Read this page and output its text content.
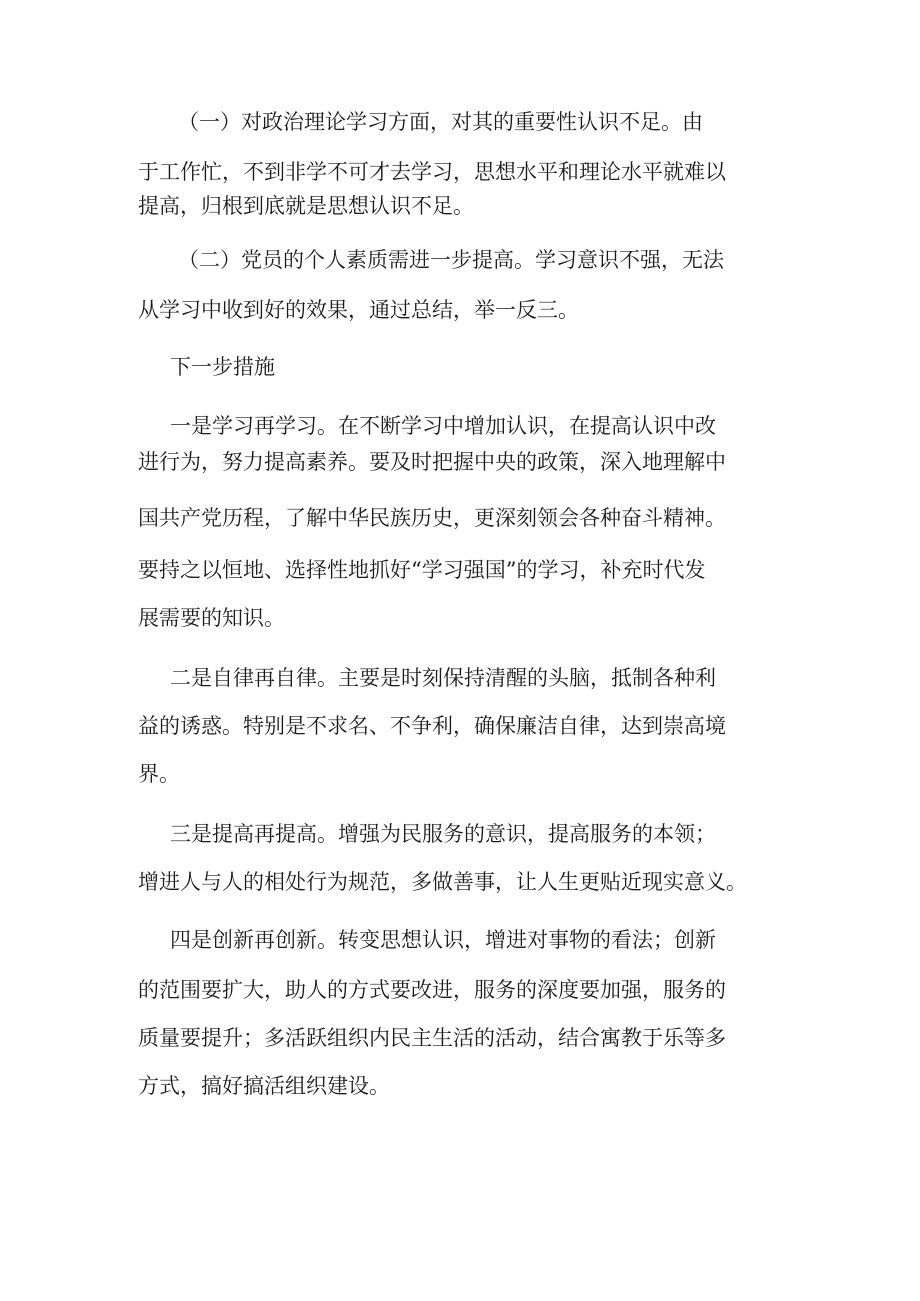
（一）对政治理论学习方面，对其的重要性认识不足。由
于工作忙，不到非学不可才去学习，思想水平和理论水平就难以
提高，归根到底就是思想认识不足。
（二）党员的个人素质需进一步提高。学习意识不强，无法
从学习中收到好的效果，通过总结，举一反三。
下一步措施
一是学习再学习。在不断学习中增加认识，在提高认识中改
进行为，努力提高素养。要及时把握中央的政策，深入地理解中
国共产党历程，了解中华民族历史，更深刻领会各种奋斗精神。
要持之以恒地、选择性地抓好“学习强国”的学习，补充时代发
展需要的知识。
二是自律再自律。主要是时刻保持清醒的头脑，抵制各种利
益的诱惑。特别是不求名、不争利，确保廉洁自律，达到崇高境
界。
三是提高再提高。增强为民服务的意识，提高服务的本领；
增进人与人的相处行为规范，多做善事，让人生更贴近现实意义。
四是创新再创新。转变思想认识，增进对事物的看法；创新
的范围要扩大，助人的方式要改进，服务的深度要加强，服务的
质量要提升；多活跃组织内民主生活的活动，结合寓教于乐等多
方式，搞好搞活组织建设。
